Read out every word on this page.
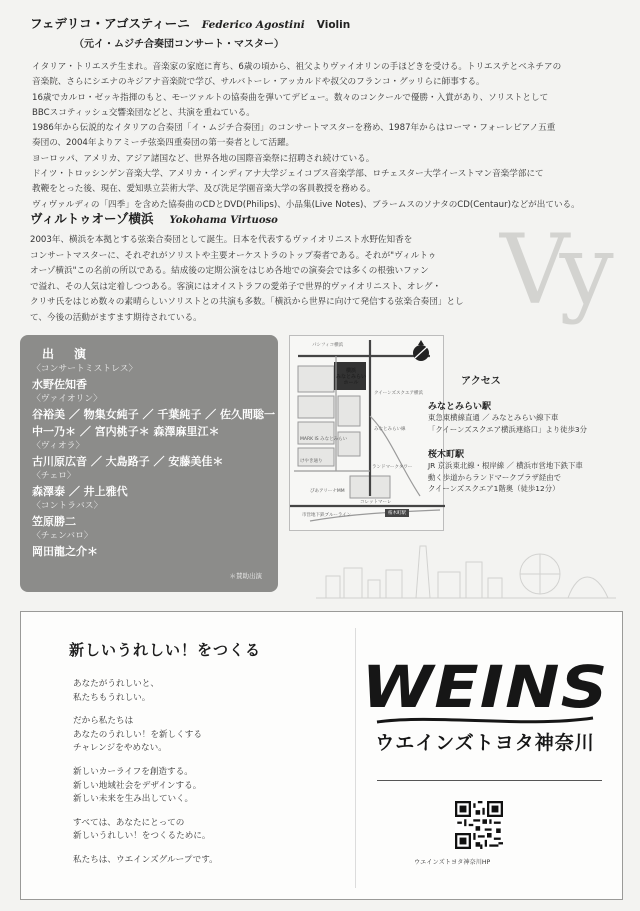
フェデリコ・アゴスティーニ Federico Agostini Violin
（元イ・ムジチ合奏団コンサート・マスター）

イタリア・トリエステ生まれ。音楽家の家庭に育ち、6歳の頃から、祖父よりヴァイオリンの手ほどきを受ける。トリエステとベネチアの

音楽院、さらにシエナのキジアナ音楽院で学び、サルバトーレ・アッカルドや叔父のフランコ・グッリらに師事する。

16歳でカルロ・ゼッキ指揮のもと、モーツァルトの協奏曲を弾いてデビュー。数々のコンクールで優勝・入賞があり、ソリストとして

BBCスコティッシュ交響楽団などと、共演を重ねている。

1986年から伝説的なイタリアの合奏団「イ・ムジチ合奏団」のコンサートマスターを務め、1987年からはローマ・フォーレピアノ五重

奏団の、2004年よりアミーチ弦楽四重奏団の第一奏者として活躍。

ヨーロッパ、アメリカ、アジア諸国など、世界各地の国際音楽祭に招聘され続けている。

ドイツ・トロッシンゲン音楽大学、アメリカ・インディアナ大学ジェイコブス音楽学部、ロチェスター大学イーストマン音楽学部にて

教鞭をとった後、現在、愛知県立芸術大学、及び洗足学園音楽大学の客員教授を務める。

ヴィヴァルディの「四季」を含めた協奏曲のCDとDVD(Philips)、小品集(Live Notes)、ブラームスのソナタのCD(Centaur)などが出ている。

ヴィルトゥオーゾ横浜 Yokohama Virtuoso

2003年、横浜を本拠とする弦楽合奏団として誕生。日本を代表するヴァイオリニスト水野佐知香を

コンサートマスターに、それぞれがソリストや主要オーケストラのトップ奏者である。それが"ヴィルトゥ

オーゾ横浜"この名前の所以である。結成後の定期公演をはじめ各地での演奏会では多くの根強いファン

で溢れ、その人気は定着しつつある。客演にはオイストラフの愛弟子で世界的ヴァイオリニスト、オレグ・

クリサ氏をはじめ数々の素晴らしいソリストとの共演も多数。「横浜から世界に向けて発信する弦楽合奏団」とし

て、今後の活動がますます期待されている。	Vy
出　演
〈コンサートミストレス〉
水野佐知香
〈ヴァイオリン〉
谷裕美 ／ 物集女純子 ／ 千葉純子 ／ 佐久間聡一
中一乃＊ ／ 宮内桃子＊ 森澤麻里江＊
〈ヴィオラ〉
古川原広音 ／ 大島路子 ／ 安藤美佳＊
〈チェロ〉
森澤泰 ／ 井上雅代
〈コントラバス〉
笠原勝二
〈チェンバロ〉
岡田龍之介＊
＊賛助出演
横浜
みなとみらい
ホール
パシフィコ横浜
クイーンズスクエア横浜
みなとみらい線
ランドマークタワー
MARK IS みなとみらい
けやき通り
ぴあアリーナMM
コレットマーレ
市営地下鉄ブルーライン	桜木町駅
アクセス
みなとみらい駅
東急東横線直通 ／ みなとみらい線下車
「クイーンズスクエア横浜連絡口」より徒歩3分
桜木町駅
JR 京浜東北線・根岸線 ／ 横浜市営地下鉄下車
動く歩道からランドマークプラザ経由で
クイーンズスクエア1階奥（徒歩12分）
新しいうれしい！をつくる
あなたがうれしいと、
私たちもうれしい。
だから私たちは
あなたのうれしい！を新しくする
チャレンジをやめない。
新しいカーライフを創造する。
新しい地域社会をデザインする。
新しい未来を生み出していく。
すべては、あなたにとっての
新しいうれしい！をつくるために。
私たちは、ウエインズグループです。
WEINS
ウエインズトヨタ神奈川
ウエインズトヨタ神奈川HP
